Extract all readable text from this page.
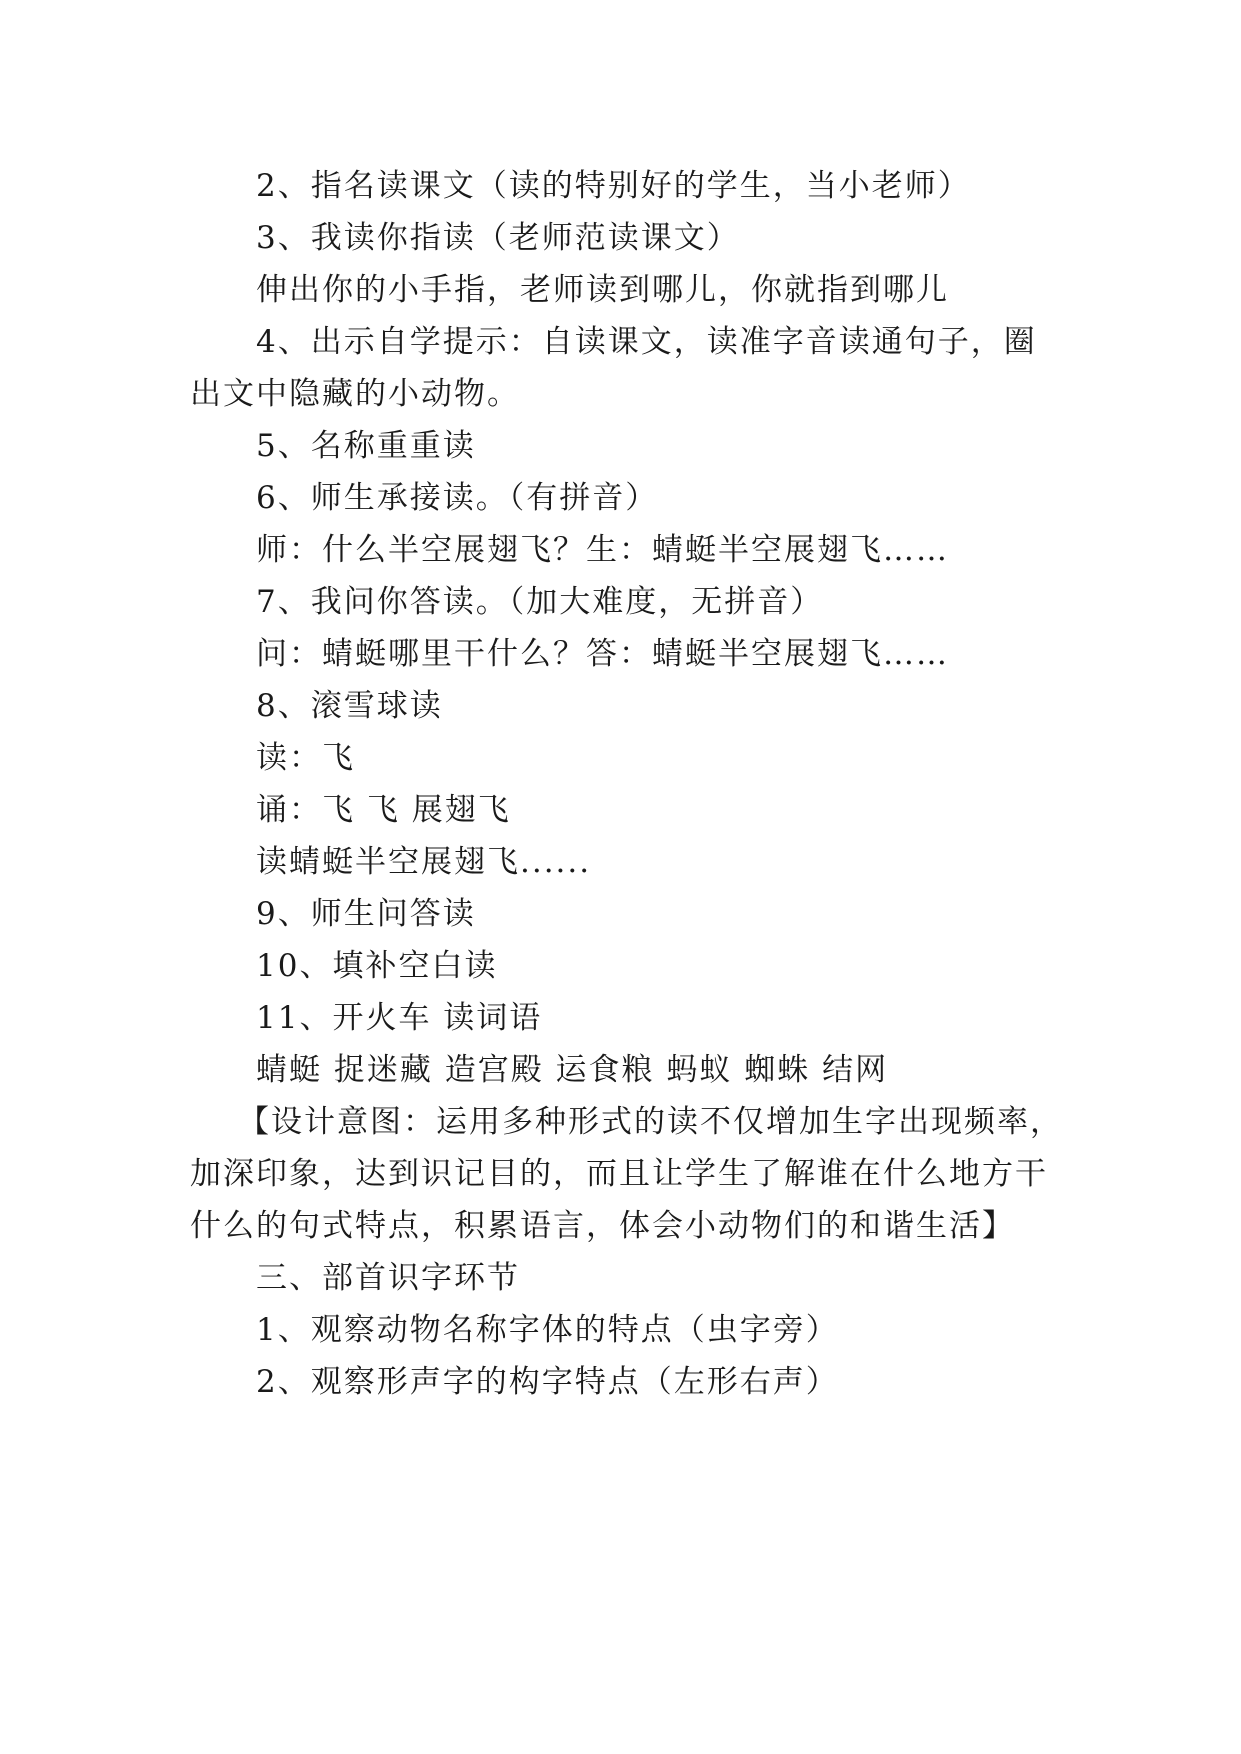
2、指名读课文（读的特别好的学生，当小老师）
3、我读你指读（老师范读课文）
伸出你的小手指，老师读到哪儿，你就指到哪儿
4、出示自学提示：自读课文，读准字音读通句子，圈
出文中隐藏的小动物。
5、名称重重读
6、师生承接读。（有拼音）
师：什么半空展翅飞？生：蜻蜓半空展翅飞……
7、我问你答读。（加大难度，无拼音）
问：蜻蜓哪里干什么？答：蜻蜓半空展翅飞……
8、滚雪球读
读：飞
诵：飞 飞 展翅飞
读蜻蜓半空展翅飞......
9、师生问答读
10、填补空白读
11、开火车 读词语
蜻蜓 捉迷藏 造宫殿 运食粮 蚂蚁 蜘蛛 结网
【设计意图：运用多种形式的读不仅增加生字出现频率，
加深印象，达到识记目的，而且让学生了解谁在什么地方干
什么的句式特点，积累语言，体会小动物们的和谐生活】
三、部首识字环节
1、观察动物名称字体的特点（虫字旁）
2、观察形声字的构字特点（左形右声）
